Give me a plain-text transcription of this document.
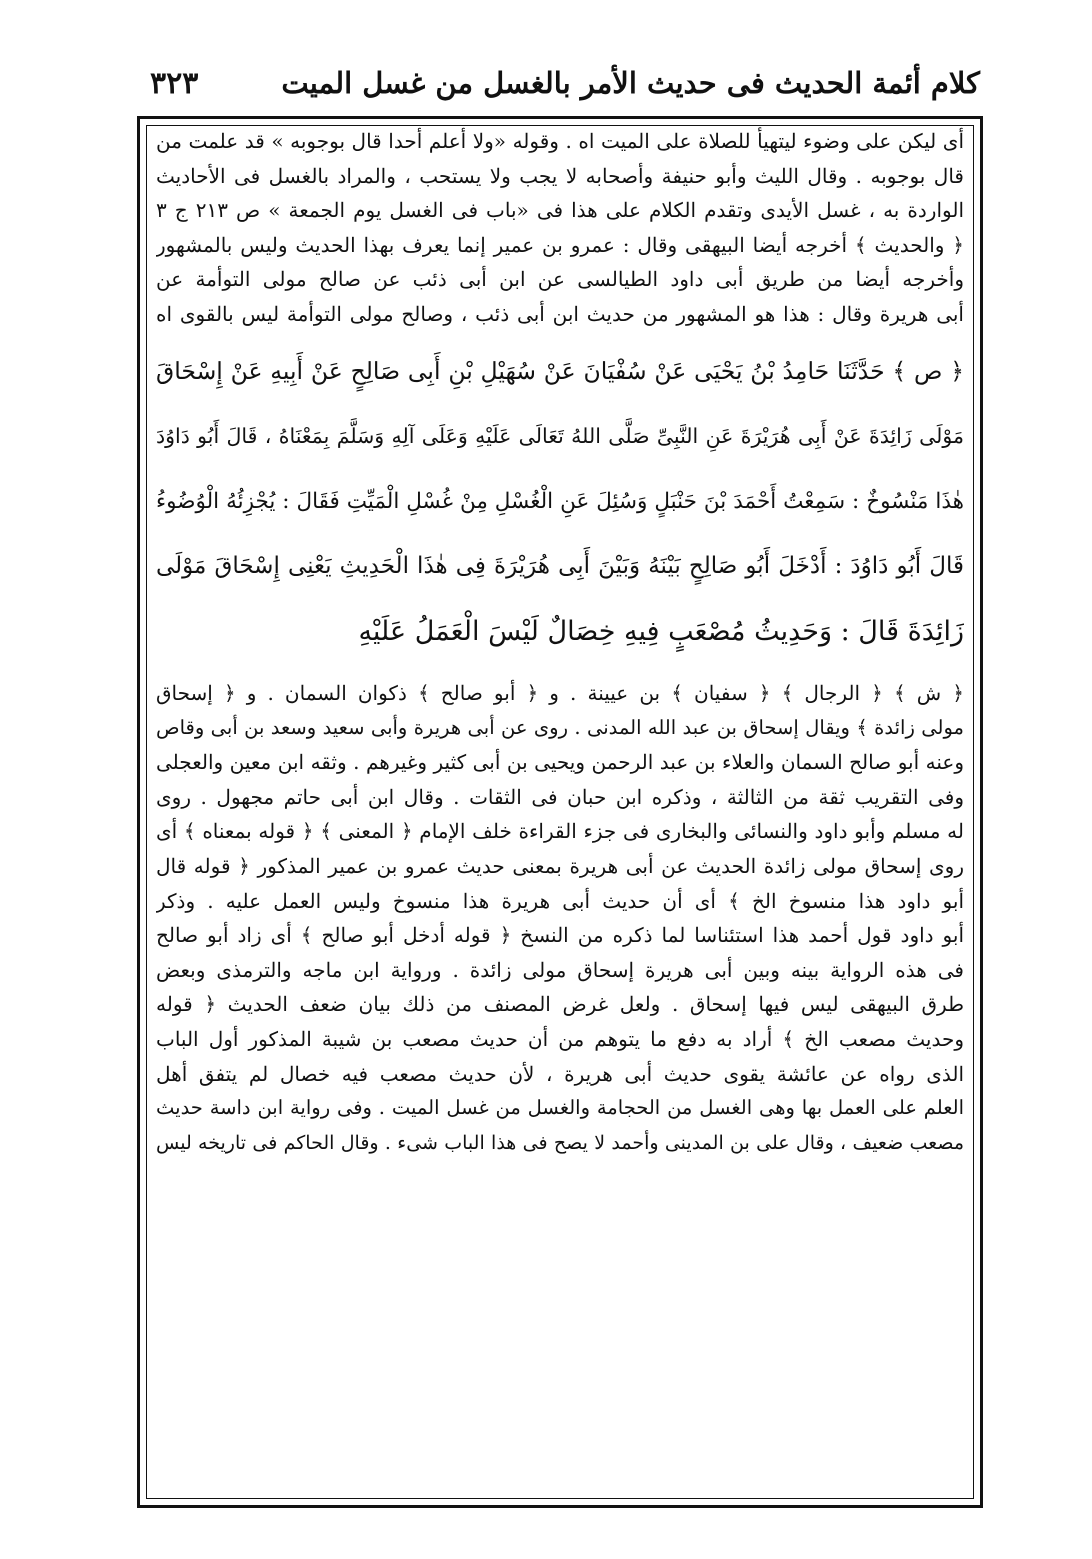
كلام أئمة الحديث فى حديث الأمر بالغسل من غسل الميت
٣٢٣
أى ليكن على وضوء ليتهيأ للصلاة على الميت اه . وقوله «ولا أعلم أحدا قال بوجوبه » قد علمت من
قال بوجوبه . وقال الليث وأبو حنيفة وأصحابه لا يجب ولا يستحب ، والمراد بالغسل فى الأحاديث
الواردة به ، غسل الأيدى وتقدم الكلام على هذا فى «باب فى الغسل يوم الجمعة » ص ٢١٣ ج ٣
﴿ والحديث ﴾ أخرجه أيضا البيهقى وقال : عمرو بن عمير إنما يعرف بهذا الحديث وليس بالمشهور
وأخرجه أيضا من طريق أبى داود الطيالسى عن ابن أبى ذئب عن صالح مولى التوأمة عن
أبى هريرة وقال : هذا هو المشهور من حديث ابن أبى ذئب ، وصالح مولى التوأمة ليس بالقوى اه
﴿ ص ﴾ حَدَّثَنَا حَامِدُ بْنُ يَحْيَى عَنْ سُفْيَانَ عَنْ سُهَيْلِ بْنِ أَبِى صَالِحٍ عَنْ أَبِيهِ عَنْ إِسْحَاقَ
مَوْلَى زَائِدَةَ عَنْ أَبِى هُرَيْرَةَ عَنِ النَّبِىِّ صَلَّى اللهُ تَعَالَى عَلَيْهِ وَعَلَى آلِهِ وَسَلَّمَ بِمَعْنَاهُ ، قَالَ أَبُو دَاوُدَ
هٰذَا مَنْسُوخٌ : سَمِعْتُ أَحْمَدَ بْنَ حَنْبَلٍ وَسُئِلَ عَنِ الْغُسْلِ مِنْ غُسْلِ الْمَيِّتِ فَقَالَ : يُجْزِئُهُ الْوُضُوءُ
قَالَ أَبُو دَاوُدَ : أَدْخَلَ أَبُو صَالِحٍ بَيْنَهُ وَبَيْنَ أَبِى هُرَيْرَةَ فِى هٰذَا الْحَدِيثِ يَعْنِى إِسْحَاقَ مَوْلَى
زَائِدَةَ قَالَ : وَحَدِيثُ مُصْعَبٍ فِيهِ خِصَالٌ لَيْسَ الْعَمَلُ عَلَيْهِ
﴿ ش ﴾ ﴿ الرجال ﴾ ﴿ سفيان ﴾ بن عيينة . و ﴿ أبو صالح ﴾ ذكوان السمان . و ﴿ إسحاق
مولى زائدة ﴾ ويقال إسحاق بن عبد الله المدنى . روى عن أبى هريرة وأبى سعيد وسعد بن أبى وقاص
وعنه أبو صالح السمان والعلاء بن عبد الرحمن ويحيى بن أبى كثير وغيرهم . وثقه ابن معين والعجلى
وفى التقريب ثقة من الثالثة ، وذكره ابن حبان فى الثقات . وقال ابن أبى حاتم مجهول . روى
له مسلم وأبو داود والنسائى والبخارى فى جزء القراءة خلف الإمام ﴿ المعنى ﴾ ﴿ قوله بمعناه ﴾ أى
روى إسحاق مولى زائدة الحديث عن أبى هريرة بمعنى حديث عمرو بن عمير المذكور ﴿ قوله قال
أبو داود هذا منسوخ الخ ﴾ أى أن حديث أبى هريرة هذا منسوخ وليس العمل عليه . وذكر
أبو داود قول أحمد هذا استئناسا لما ذكره من النسخ ﴿ قوله أدخل أبو صالح ﴾ أى زاد أبو صالح
فى هذه الرواية بينه وبين أبى هريرة إسحاق مولى زائدة . ورواية ابن ماجه والترمذى وبعض
طرق البيهقى ليس فيها إسحاق . ولعل غرض المصنف من ذلك بيان ضعف الحديث ﴿ قوله
وحديث مصعب الخ ﴾ أراد به دفع ما يتوهم من أن حديث مصعب بن شيبة المذكور أول الباب
الذى رواه عن عائشة يقوى حديث أبى هريرة ، لأن حديث مصعب فيه خصال لم يتفق أهل
العلم على العمل بها وهى الغسل من الحجامة والغسل من غسل الميت . وفى رواية ابن داسة حديث
مصعب ضعيف ، وقال على بن المدينى وأحمد لا يصح فى هذا الباب شىء . وقال الحاكم فى تاريخه ليس
